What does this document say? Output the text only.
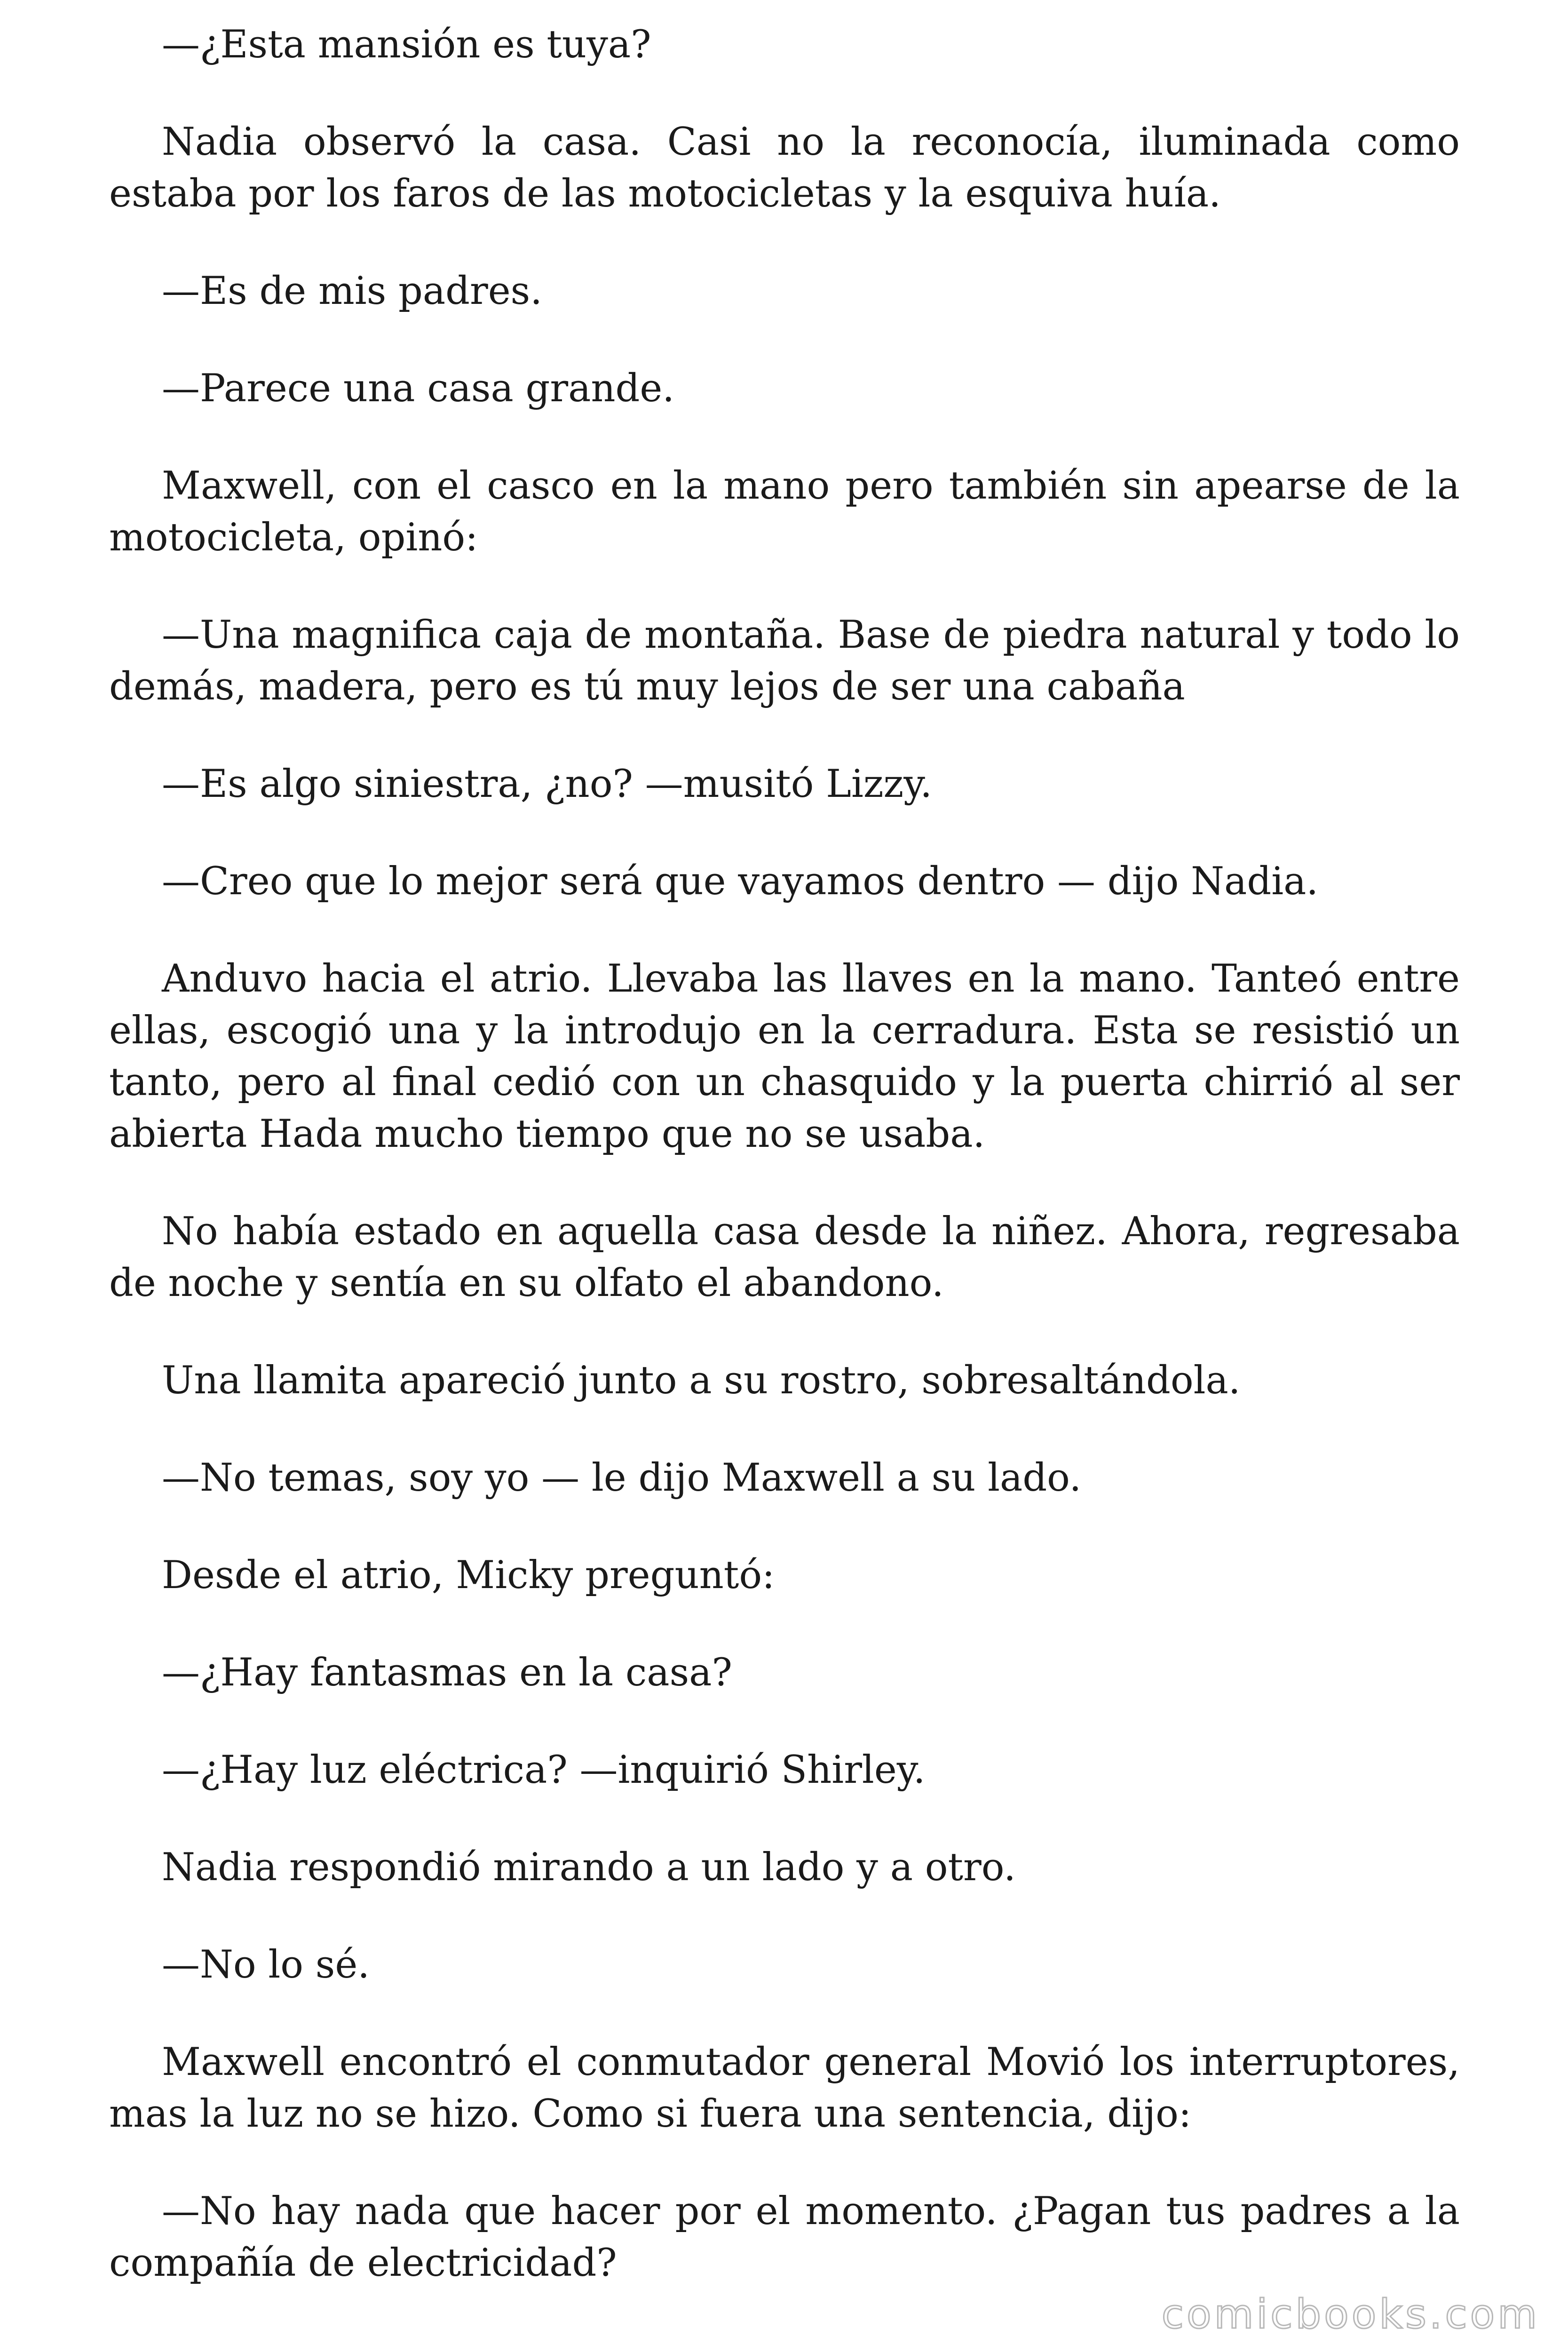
—¿Esta mansión es tuya?

Nadia observó la casa. Casi no la reconocía, iluminada como estaba por los faros de las motocicletas y la esquiva huía.

—Es de mis padres.

—Parece una casa grande.

Maxwell, con el casco en la mano pero también sin apearse de la motocicleta, opinó:

—Una magnifica caja de montaña. Base de piedra natural y todo lo demás, madera, pero es tú muy lejos de ser una cabaña

—Es algo siniestra, ¿no? —musitó Lizzy.

—Creo que lo mejor será que vayamos dentro — dijo Nadia.

Anduvo hacia el atrio. Llevaba las llaves en la mano. Tanteó entre ellas, escogió una y la introdujo en la cerradura. Esta se resistió un tanto, pero al final cedió con un chasquido y la puerta chirrió al ser abierta Hada mucho tiempo que no se usaba.

No había estado en aquella casa desde la niñez. Ahora, regresaba de noche y sentía en su olfato el abandono.

Una llamita apareció junto a su rostro, sobresaltándola.

—No temas, soy yo — le dijo Maxwell a su lado.

Desde el atrio, Micky preguntó:

—¿Hay fantasmas en la casa?

—¿Hay luz eléctrica? —inquirió Shirley.

Nadia respondió mirando a un lado y a otro.

—No lo sé.

Maxwell encontró el conmutador general Movió los interruptores, mas la luz no se hizo. Como si fuera una sentencia, dijo:

—No hay nada que hacer por el momento. ¿Pagan tus padres a la compañía de electricidad?

comicbooks.com
